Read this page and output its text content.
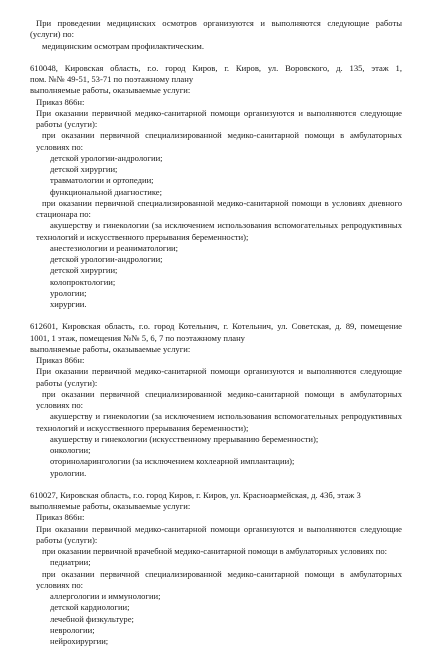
При проведении медицинских осмотров организуются и выполняются следующие работы

(услуги) по:

медицинским осмотрам профилактическим.

610048, Кировская область, г.о. город Киров, г. Киров, ул. Воровского, д. 135, этаж 1,

пом. №№ 49-51, 53-71 по поэтажному плану

выполняемые работы, оказываемые услуги:

Приказ 866н:

При оказании первичной медико-санитарной помощи организуются и выполняются следующие

работы (услуги):

при оказании первичной специализированной медико-санитарной помощи в амбулаторных

условиях по:

детской урологии-андрологии;

детской хирургии;

травматологии и ортопедии;

функциональной диагностике;

при оказании первичной специализированной медико-санитарной помощи в условиях дневного

стационара по:

акушерству и гинекологии (за исключением использования вспомогательных репродуктивных

технологий и искусственного прерывания беременности);

анестезиологии и реаниматологии;

детской урологии-андрологии;

детской хирургии;

колопроктологии;

урологии;

хирургии.

612601, Кировская область, г.о. город Котельнич, г. Котельнич, ул. Советская, д. 89, помещение

1001, 1 этаж, помещения №№ 5, 6, 7 по поэтажному плану

выполняемые работы, оказываемые услуги:

Приказ 866н:

При оказании первичной медико-санитарной помощи организуются и выполняются следующие

работы (услуги):

при оказании первичной специализированной медико-санитарной помощи в амбулаторных

условиях по:

акушерству и гинекологии (за исключением использования вспомогательных репродуктивных

технологий и искусственного прерывания беременности);

акушерству и гинекологии (искусственному прерыванию беременности);

онкологии;

оториноларингологии (за исключением кохлеарной имплантации);

урологии.

610027, Кировская область, г.о. город Киров, г. Киров, ул. Красноармейская, д. 43б, этаж 3

выполняемые работы, оказываемые услуги:

Приказ 866н:

При оказании первичной медико-санитарной помощи организуются и выполняются следующие

работы (услуги):

при оказании первичной врачебной медико-санитарной помощи в амбулаторных условиях по:

педиатрии;

при оказании первичной специализированной медико-санитарной помощи в амбулаторных

условиях по:

аллергологии и иммунологии;

детской кардиологии;

лечебной физкультуре;

неврологии;

нейрохирургии;
